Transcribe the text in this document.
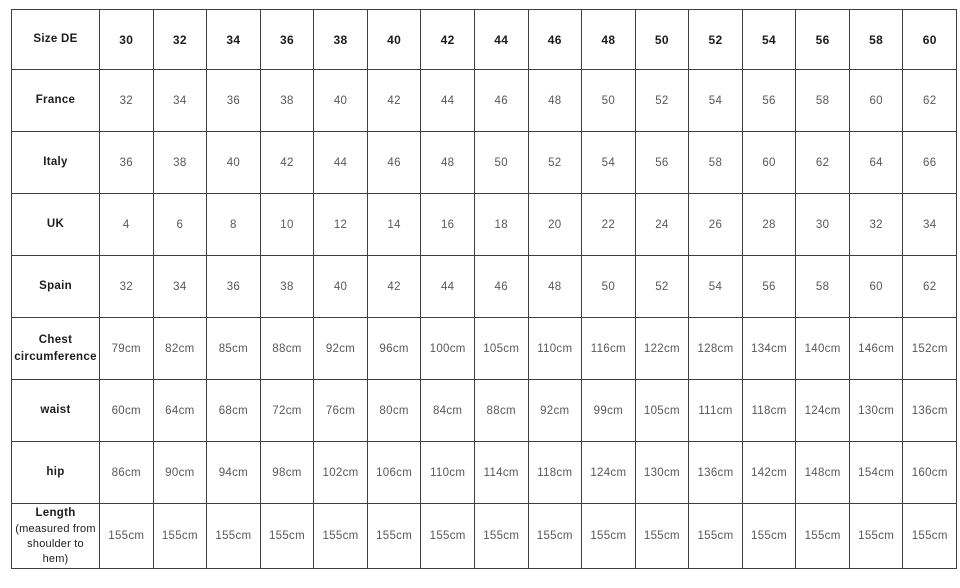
Size DE	30	32	34	36	38	40	42	44	46	48	50	52	54	56	58	60

France	32	34	36	38	40	42	44	46	48	50	52	54	56	58	60	62

Italy	36	38	40	42	44	46	48	50	52	54	56	58	60	62	64	66

UK	4	6	8	10	12	14	16	18	20	22	24	26	28	30	32	34

Spain	32	34	36	38	40	42	44	46	48	50	52	54	56	58	60	62

Chest circumference	79cm	82cm	85cm	88cm	92cm	96cm	100cm	105cm	110cm	116cm	122cm	128cm	134cm	140cm	146cm	152cm

waist	60cm	64cm	68cm	72cm	76cm	80cm	84cm	88cm	92cm	99cm	105cm	111cm	118cm	124cm	130cm	136cm

hip	86cm	90cm	94cm	98cm	102cm	106cm	110cm	114cm	118cm	124cm	130cm	136cm	142cm	148cm	154cm	160cm

Length
(measured from shoulder to hem)	155cm	155cm	155cm	155cm	155cm	155cm	155cm	155cm	155cm	155cm	155cm	155cm	155cm	155cm	155cm	155cm
